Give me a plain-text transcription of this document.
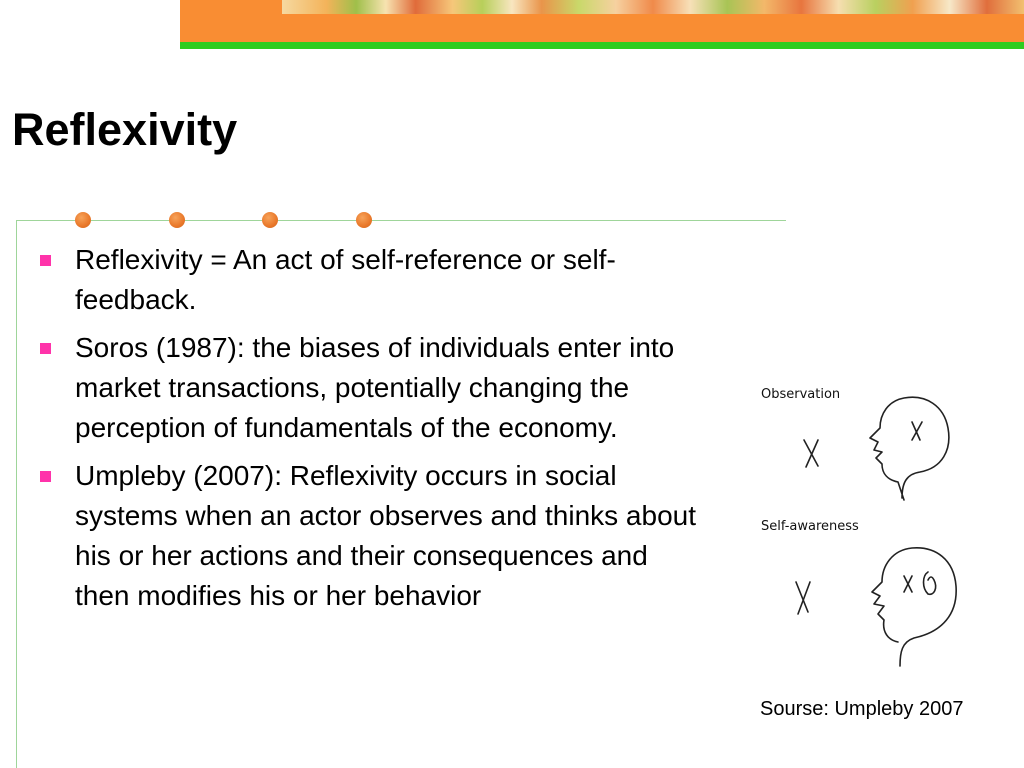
Reflexivity
Reflexivity = An act of self-reference or self-feedback.
Soros (1987): the biases of individuals enter into market transactions, potentially changing the perception of fundamentals of the economy.
Umpleby (2007): Reflexivity occurs in social systems when an actor observes and thinks about his or her actions and their consequences and then modifies his or her behavior
Observation
Self-awareness
Sourse: Umpleby 2007
